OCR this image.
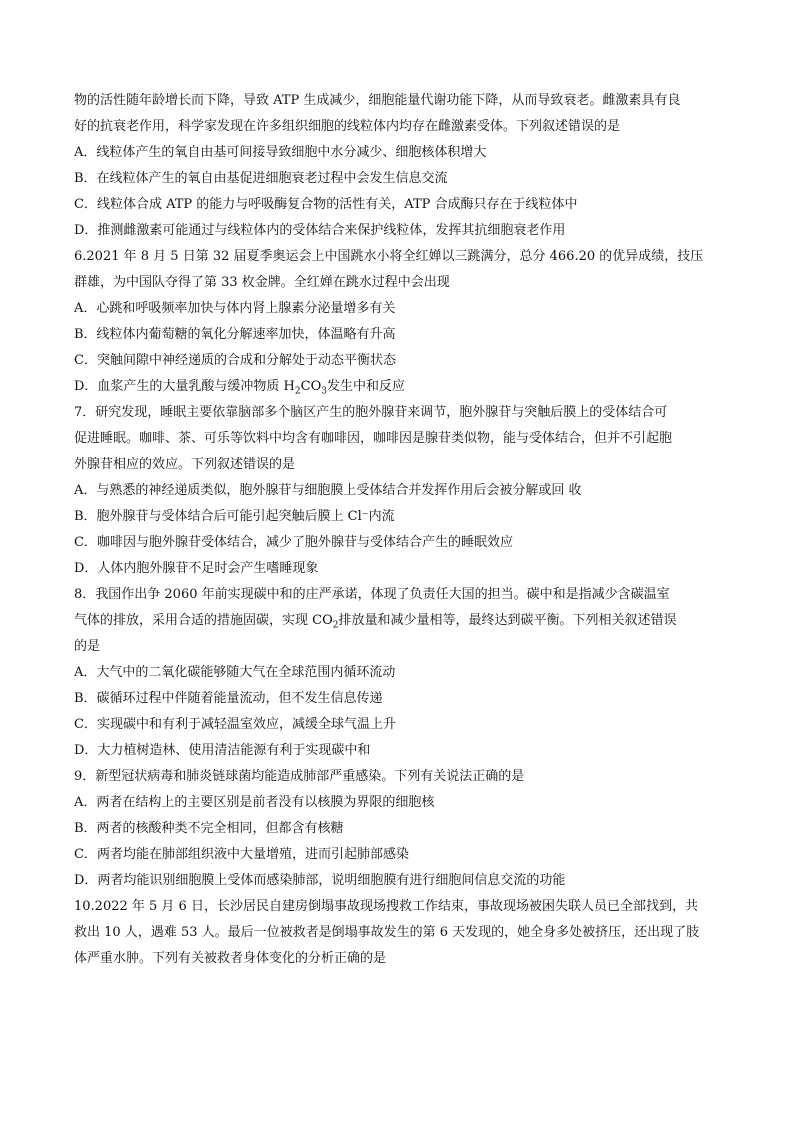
物的活性随年龄增长而下降，导致 ATP 生成减少，细胞能量代谢功能下降，从而导致衰老。雌激素具有良
好的抗衰老作用，科学家发现在许多组织细胞的线粒体内均存在雌激素受体。下列叙述错误的是
A．线粒体产生的氧自由基可间接导致细胞中水分减少、细胞核体积增大
B．在线粒体产生的氧自由基促进细胞衰老过程中会发生信息交流
C．线粒体合成 ATP 的能力与呼吸酶复合物的活性有关，ATP 合成酶只存在于线粒体中
D．推测雌激素可能通过与线粒体内的受体结合来保护线粒体，发挥其抗细胞衰老作用
6.2021 年 8 月 5 日第 32 届夏季奥运会上中国跳水小将全红婵以三跳满分，总分 466.20 的优异成绩，技压
群雄，为中国队夺得了第 33 枚金牌。全红婵在跳水过程中会出现
A．心跳和呼吸频率加快与体内肾上腺素分泌量增多有关
B．线粒体内葡萄糖的氧化分解速率加快，体温略有升高
C．突触间隙中神经递质的合成和分解处于动态平衡状态
D．血浆产生的大量乳酸与缓冲物质 $H_2CO_3$发生中和反应
7．研究发现，睡眠主要依靠脑部多个脑区产生的胞外腺苷来调节，胞外腺苷与突触后膜上的受体结合可
促进睡眠。咖啡、茶、可乐等饮料中均含有咖啡因，咖啡因是腺苷类似物，能与受体结合，但并不引起胞
外腺苷相应的效应。下列叙述错误的是
A．与熟悉的神经递质类似，胞外腺苷与细胞膜上受体结合并发挥作用后会被分解或回 收
B．胞外腺苷与受体结合后可能引起突触后膜上 Cl⁻内流
C．咖啡因与胞外腺苷受体结合，减少了胞外腺苷与受体结合产生的睡眠效应
D．人体内胞外腺苷不足时会产生嗜睡现象
8．我国作出争 2060 年前实现碳中和的庄严承诺，体现了负责任大国的担当。碳中和是指减少含碳温室
气体的排放，采用合适的措施固碳，实现 $CO_2$排放量和减少量相等，最终达到碳平衡。下列相关叙述错误
的是
A．大气中的二氧化碳能够随大气在全球范围内循环流动
B．碳循环过程中伴随着能量流动，但不发生信息传递
C．实现碳中和有利于减轻温室效应，减缓全球气温上升
D．大力植树造林、使用清洁能源有利于实现碳中和
9．新型冠状病毒和肺炎链球菌均能造成肺部严重感染。下列有关说法正确的是
A．两者在结构上的主要区别是前者没有以核膜为界限的细胞核
B．两者的核酸种类不完全相同，但都含有核糖
C．两者均能在肺部组织液中大量增殖，进而引起肺部感染
D．两者均能识别细胞膜上受体而感染肺部，说明细胞膜有进行细胞间信息交流的功能
10.2022 年 5 月 6 日，长沙居民自建房倒塌事故现场搜救工作结束，事故现场被困失联人员已全部找到，共
救出 10 人，遇难 53 人。最后一位被救者是倒塌事故发生的第 6 天发现的，她全身多处被挤压，还出现了肢
体严重水肿。下列有关被救者身体变化的分析正确的是
